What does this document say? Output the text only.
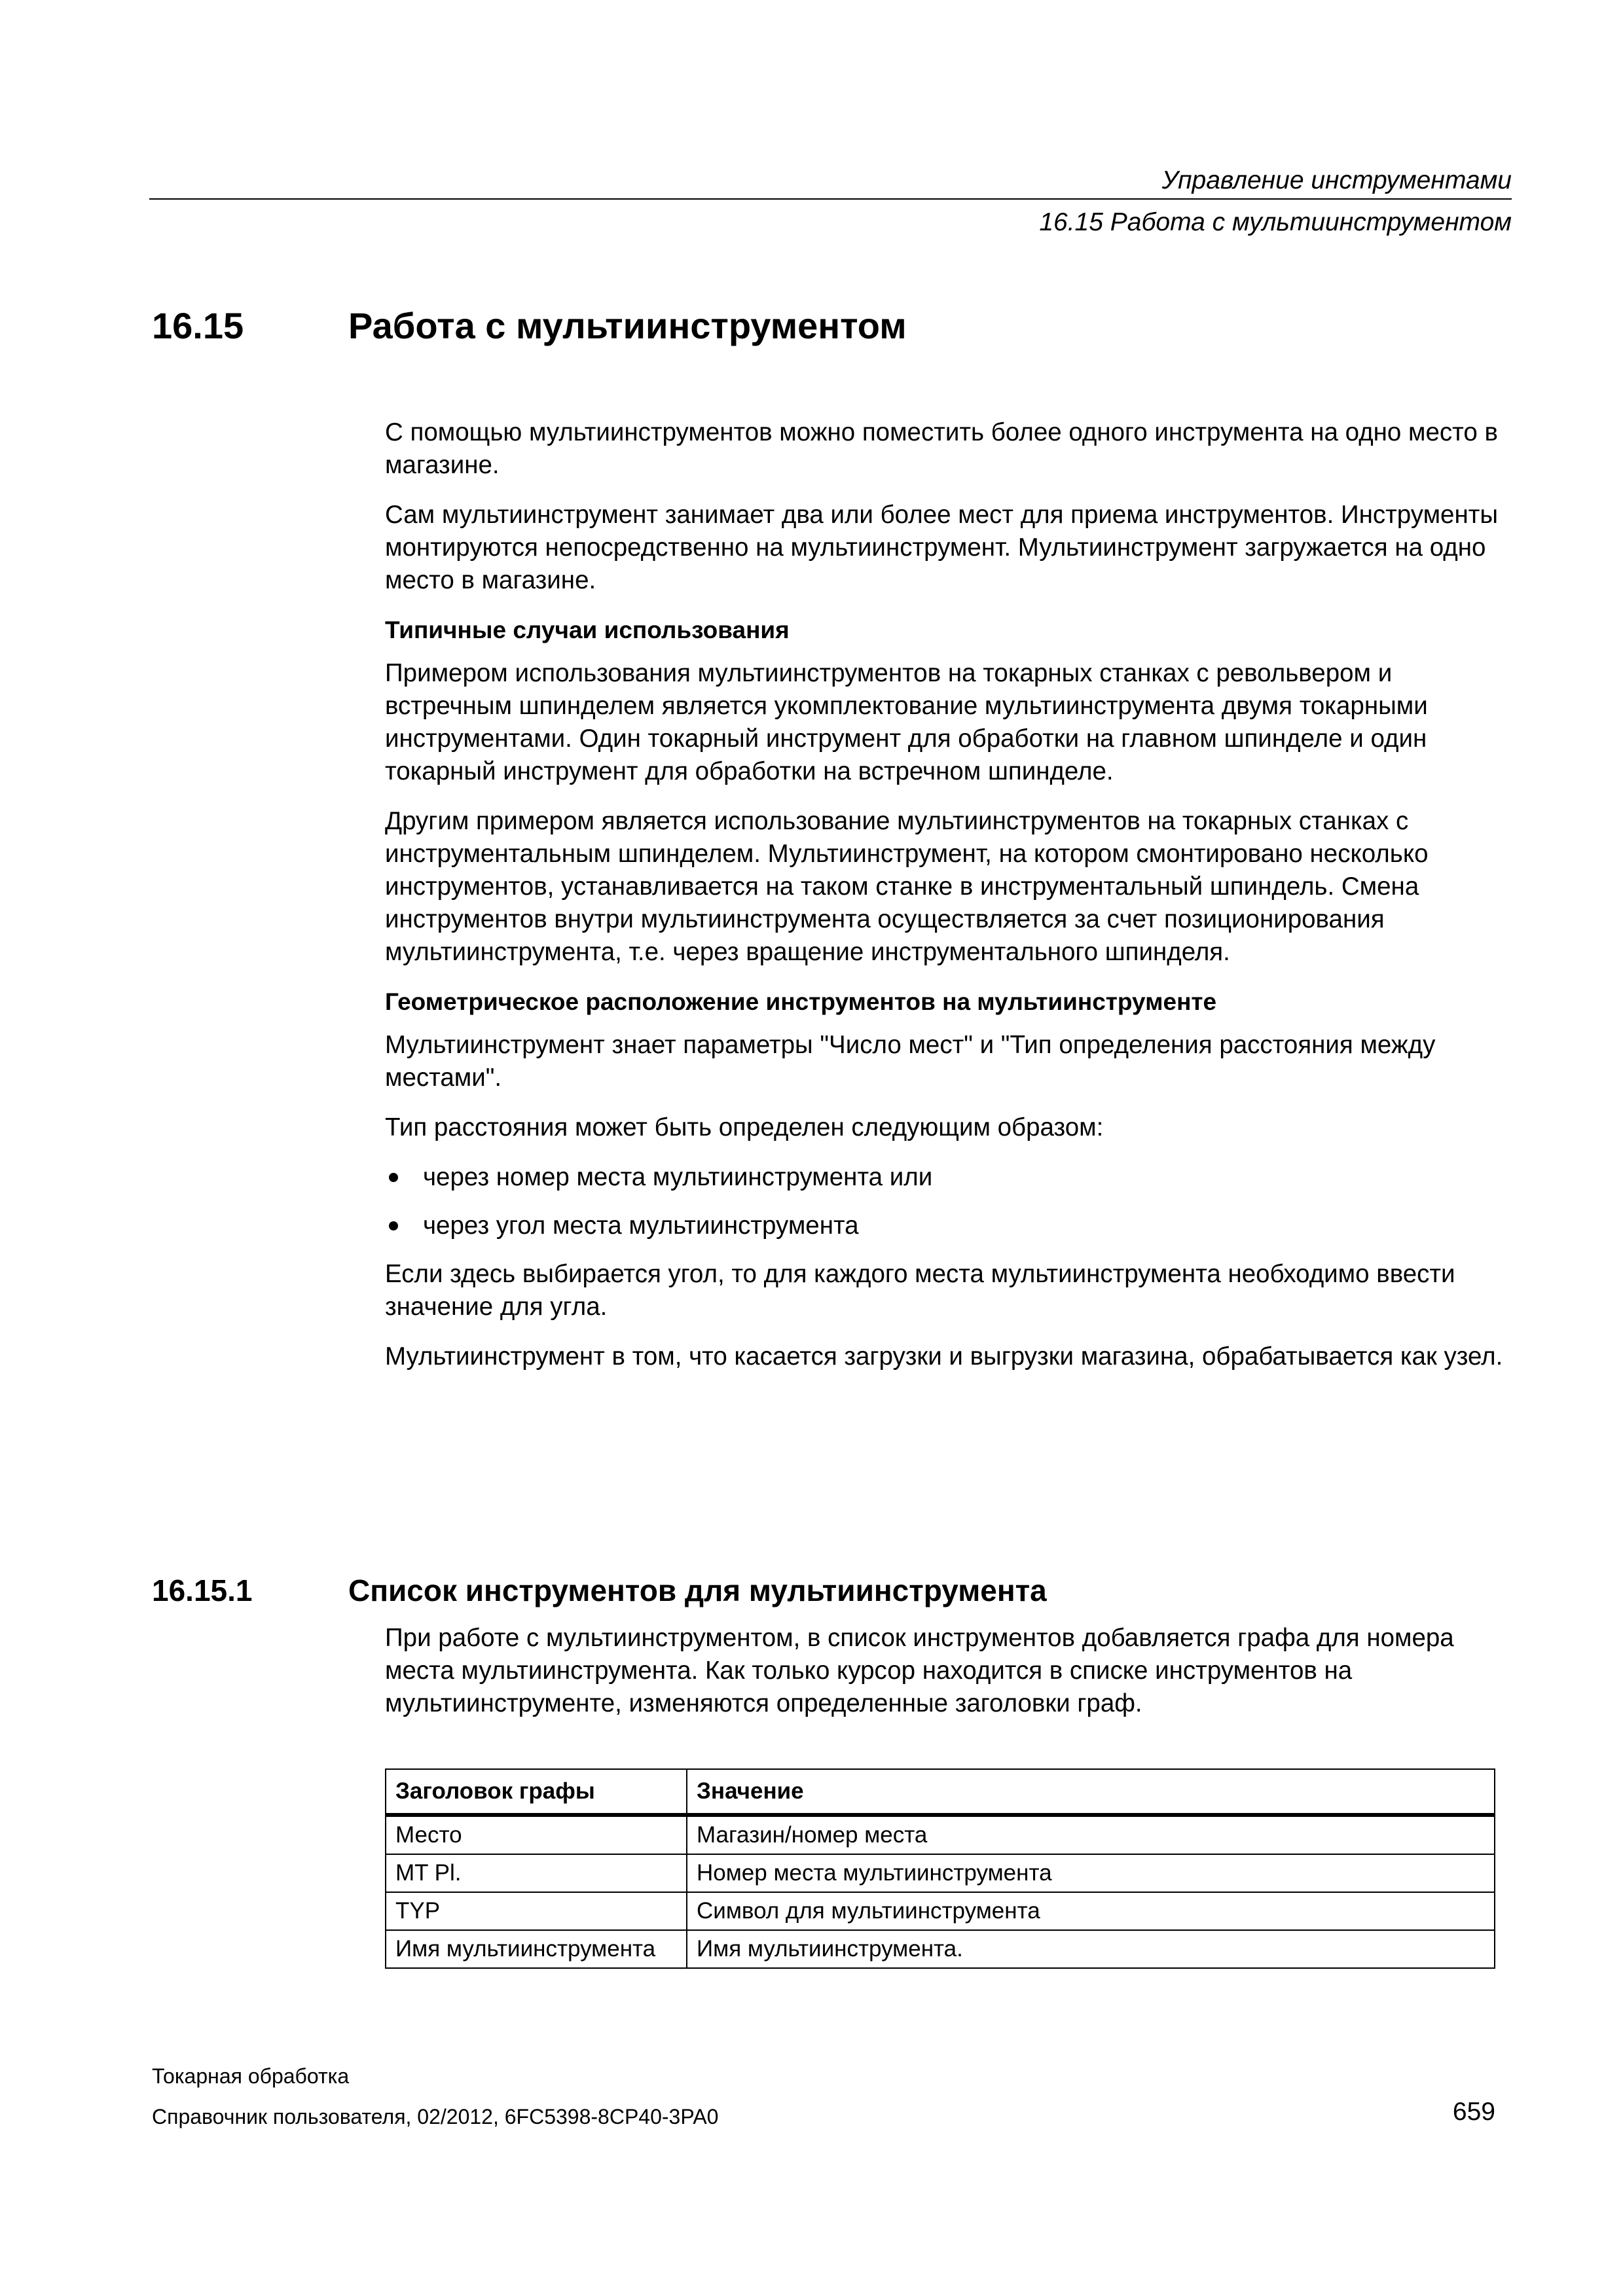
Управление инструментами
16.15 Работа с мультиинструментом
16.15	Работа с мультиинструментом

С помощью мультиинструментов можно поместить более одного инструмента на одно место в магазине.

Сам мультиинструмент занимает два или более мест для приема инструментов. Инструменты монтируются непосредственно на мультиинструмент. Мультиинструмент загружается на одно место в магазине.

Типичные случаи использования

Примером использования мультиинструментов на токарных станках с револьвером и встречным шпинделем является укомплектование мультиинструмента двумя токарными инструментами. Один токарный инструмент для обработки на главном шпинделе и один токарный инструмент для обработки на встречном шпинделе.

Другим примером является использование мультиинструментов на токарных станках с инструментальным шпинделем. Мультиинструмент, на котором смонтировано несколько инструментов, устанавливается на таком станке в инструментальный шпиндель. Смена инструментов внутри мультиинструмента осуществляется за счет позиционирования мультиинструмента, т.е. через вращение инструментального шпинделя.

Геометрическое расположение инструментов на мультиинструменте

Мультиинструмент знает параметры "Число мест" и "Тип определения расстояния между местами".

Тип расстояния может быть определен следующим образом:

через номер места мультиинструмента или
через угол места мультиинструмента

Если здесь выбирается угол, то для каждого места мультиинструмента необходимо ввести значение для угла.

Мультиинструмент в том, что касается загрузки и выгрузки магазина, обрабатывается как узел.

16.15.1	Список инструментов для мультиинструмента

При работе с мультиинструментом, в список инструментов добавляется графа для номера места мультиинструмента. Как только курсор находится в списке инструментов на мультиинструменте, изменяются определенные заголовки граф.

Заголовок графы	Значение
Место	Магазин/номер места
MT Pl.	Номер места мультиинструмента
TYP	Символ для мультиинструмента
Имя мультиинструмента	Имя мультиинструмента.
Токарная обработка
Справочник пользователя, 02/2012, 6FC5398-8CP40-3PA0	659
